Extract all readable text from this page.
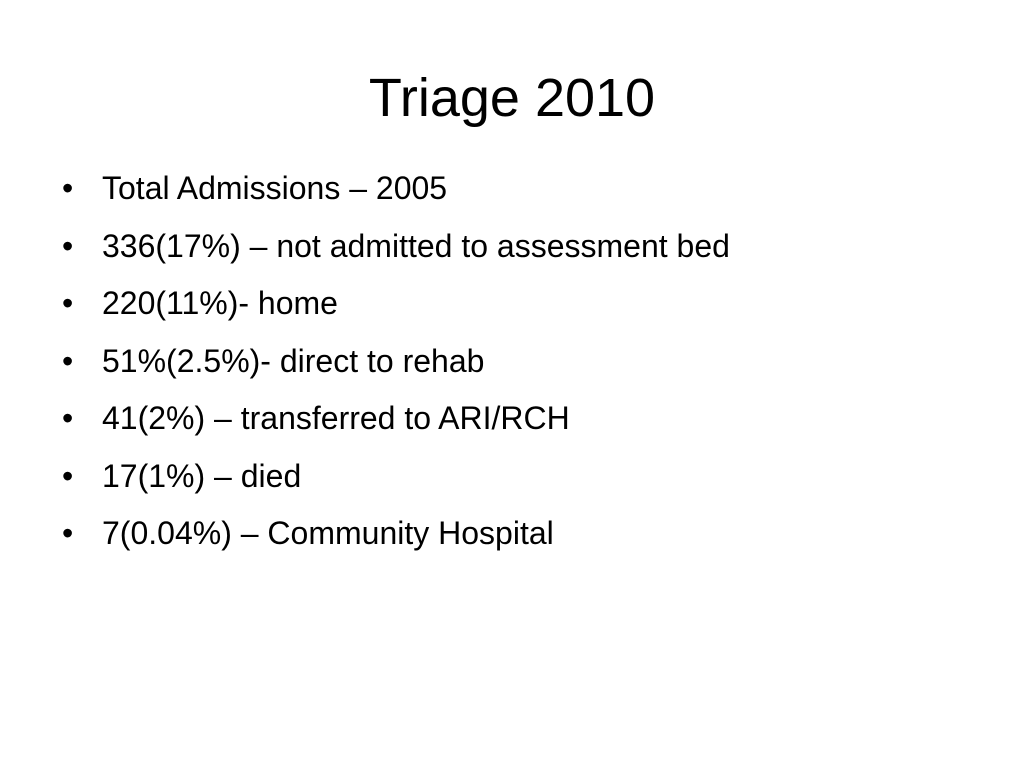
Triage 2010
• Total Admissions – 2005
• 336(17%) – not admitted to assessment bed
• 220(11%)- home
• 51%(2.5%)- direct to rehab
• 41(2%) – transferred to ARI/RCH
• 17(1%) – died
• 7(0.04%) – Community Hospital
